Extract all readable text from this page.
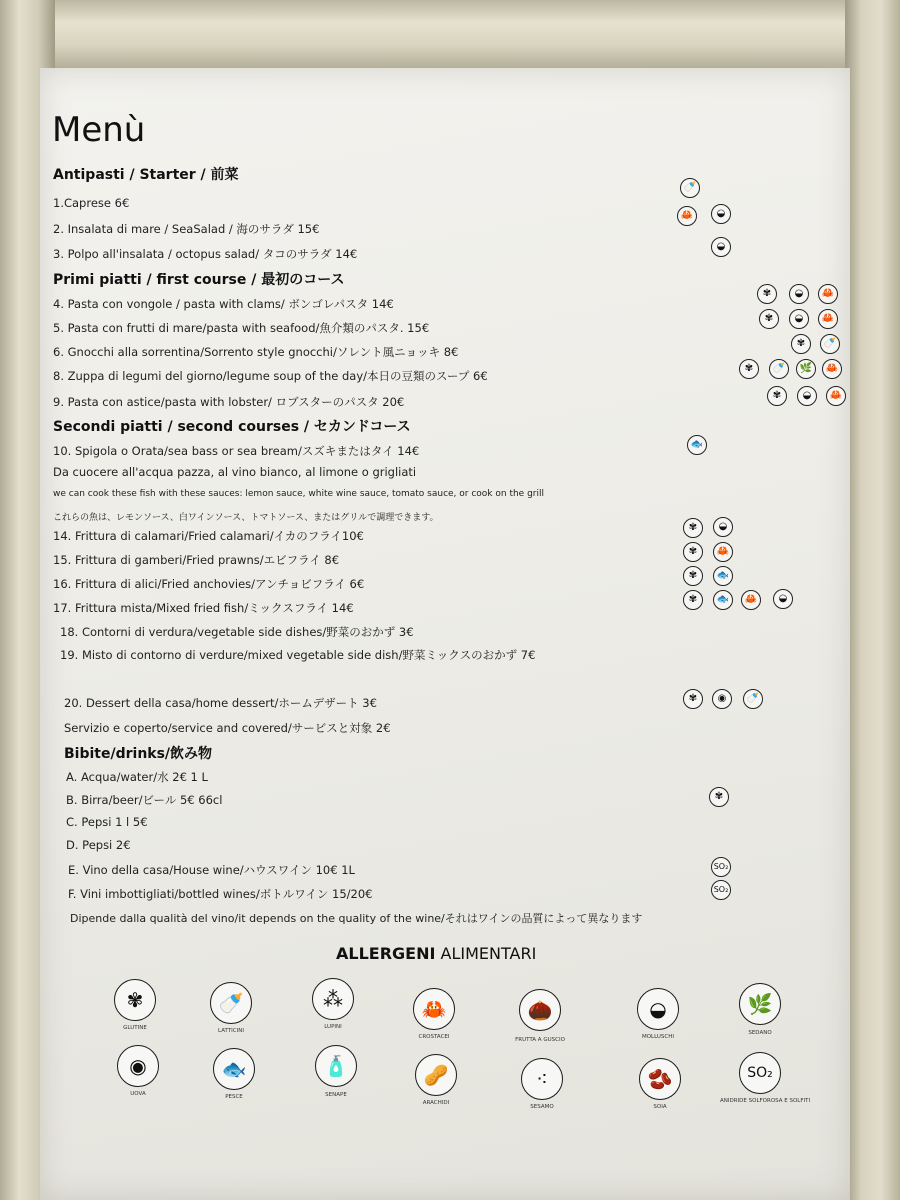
Menù
Antipasti / Starter / 前菜
1.Caprese 6€
2. Insalata di mare / SeaSalad / 海のサラダ 15€
3. Polpo all'insalata / octopus salad/ タコのサラダ 14€
Primi piatti / first course / 最初のコース
4. Pasta con vongole / pasta with clams/ ボンゴレパスタ 14€
5. Pasta con frutti di mare/pasta with seafood/魚介類のパスタ. 15€
6. Gnocchi alla sorrentina/Sorrento style gnocchi/ソレント風ニョッキ 8€
8. Zuppa di legumi del giorno/legume soup of the day/本日の豆類のスープ 6€
9. Pasta con astice/pasta with lobster/ ロブスターのパスタ 20€
Secondi piatti / second courses / セカンドコース
10. Spigola o Orata/sea bass or sea bream/スズキまたはタイ 14€
Da cuocere all'acqua pazza, al vino bianco, al limone o grigliati
we can cook these fish with these sauces: lemon sauce, white wine sauce, tomato sauce, or cook on the grill
これらの魚は、レモンソース、白ワインソース、トマトソース、またはグリルで調理できます。
14. Frittura di calamari/Fried calamari/イカのフライ10€
15. Frittura di gamberi/Fried prawns/エビフライ 8€
16. Frittura di alici/Fried anchovies/アンチョビフライ 6€
17. Frittura mista/Mixed fried fish/ミックスフライ 14€
18. Contorni di verdura/vegetable side dishes/野菜のおかず 3€
19. Misto di contorno di verdure/mixed vegetable side dish/野菜ミックスのおかず 7€
20. Dessert della casa/home dessert/ホームデザート 3€
Servizio e coperto/service and covered/サービスと対象 2€
Bibite/drinks/飲み物
A. Acqua/water/水 2€ 1 L
B. Birra/beer/ビール 5€ 66cl
C. Pepsi 1 l 5€
D. Pepsi 2€
E. Vino della casa/House wine/ハウスワイン 10€ 1L
F. Vini imbottigliati/bottled wines/ボトルワイン 15/20€
Dipende dalla qualità del vino/it depends on the quality of the wine/それはワインの品質によって異なります
🍼
🦀 ◒
◒
✾ ◒ 🦀
✾ ◒ 🦀
✾ 🍼
✾ 🍼 🌿 🦀
✾ ◒ 🦀
🐟
✾ ◒
✾ 🦀
✾ 🐟
✾ 🐟 🦀 ◒
✾ ◉ 🍼
✾
SO₂
SO₂
ALLERGENI ALIMENTARI
✾
GLUTINE
🍼
LATTICINI
⁂
LUPINI
🦀
CROSTACEI
🌰
FRUTTA A GUSCIO
◒
MOLLUSCHI
🌿
SEDANO
◉
UOVA
🐟
PESCE
🧴
SENAPE
🥜
ARACHIDI
⁖
SESAMO
🫘
SOIA
SO₂
ANIDRIDE SOLFOROSA E SOLFITI
